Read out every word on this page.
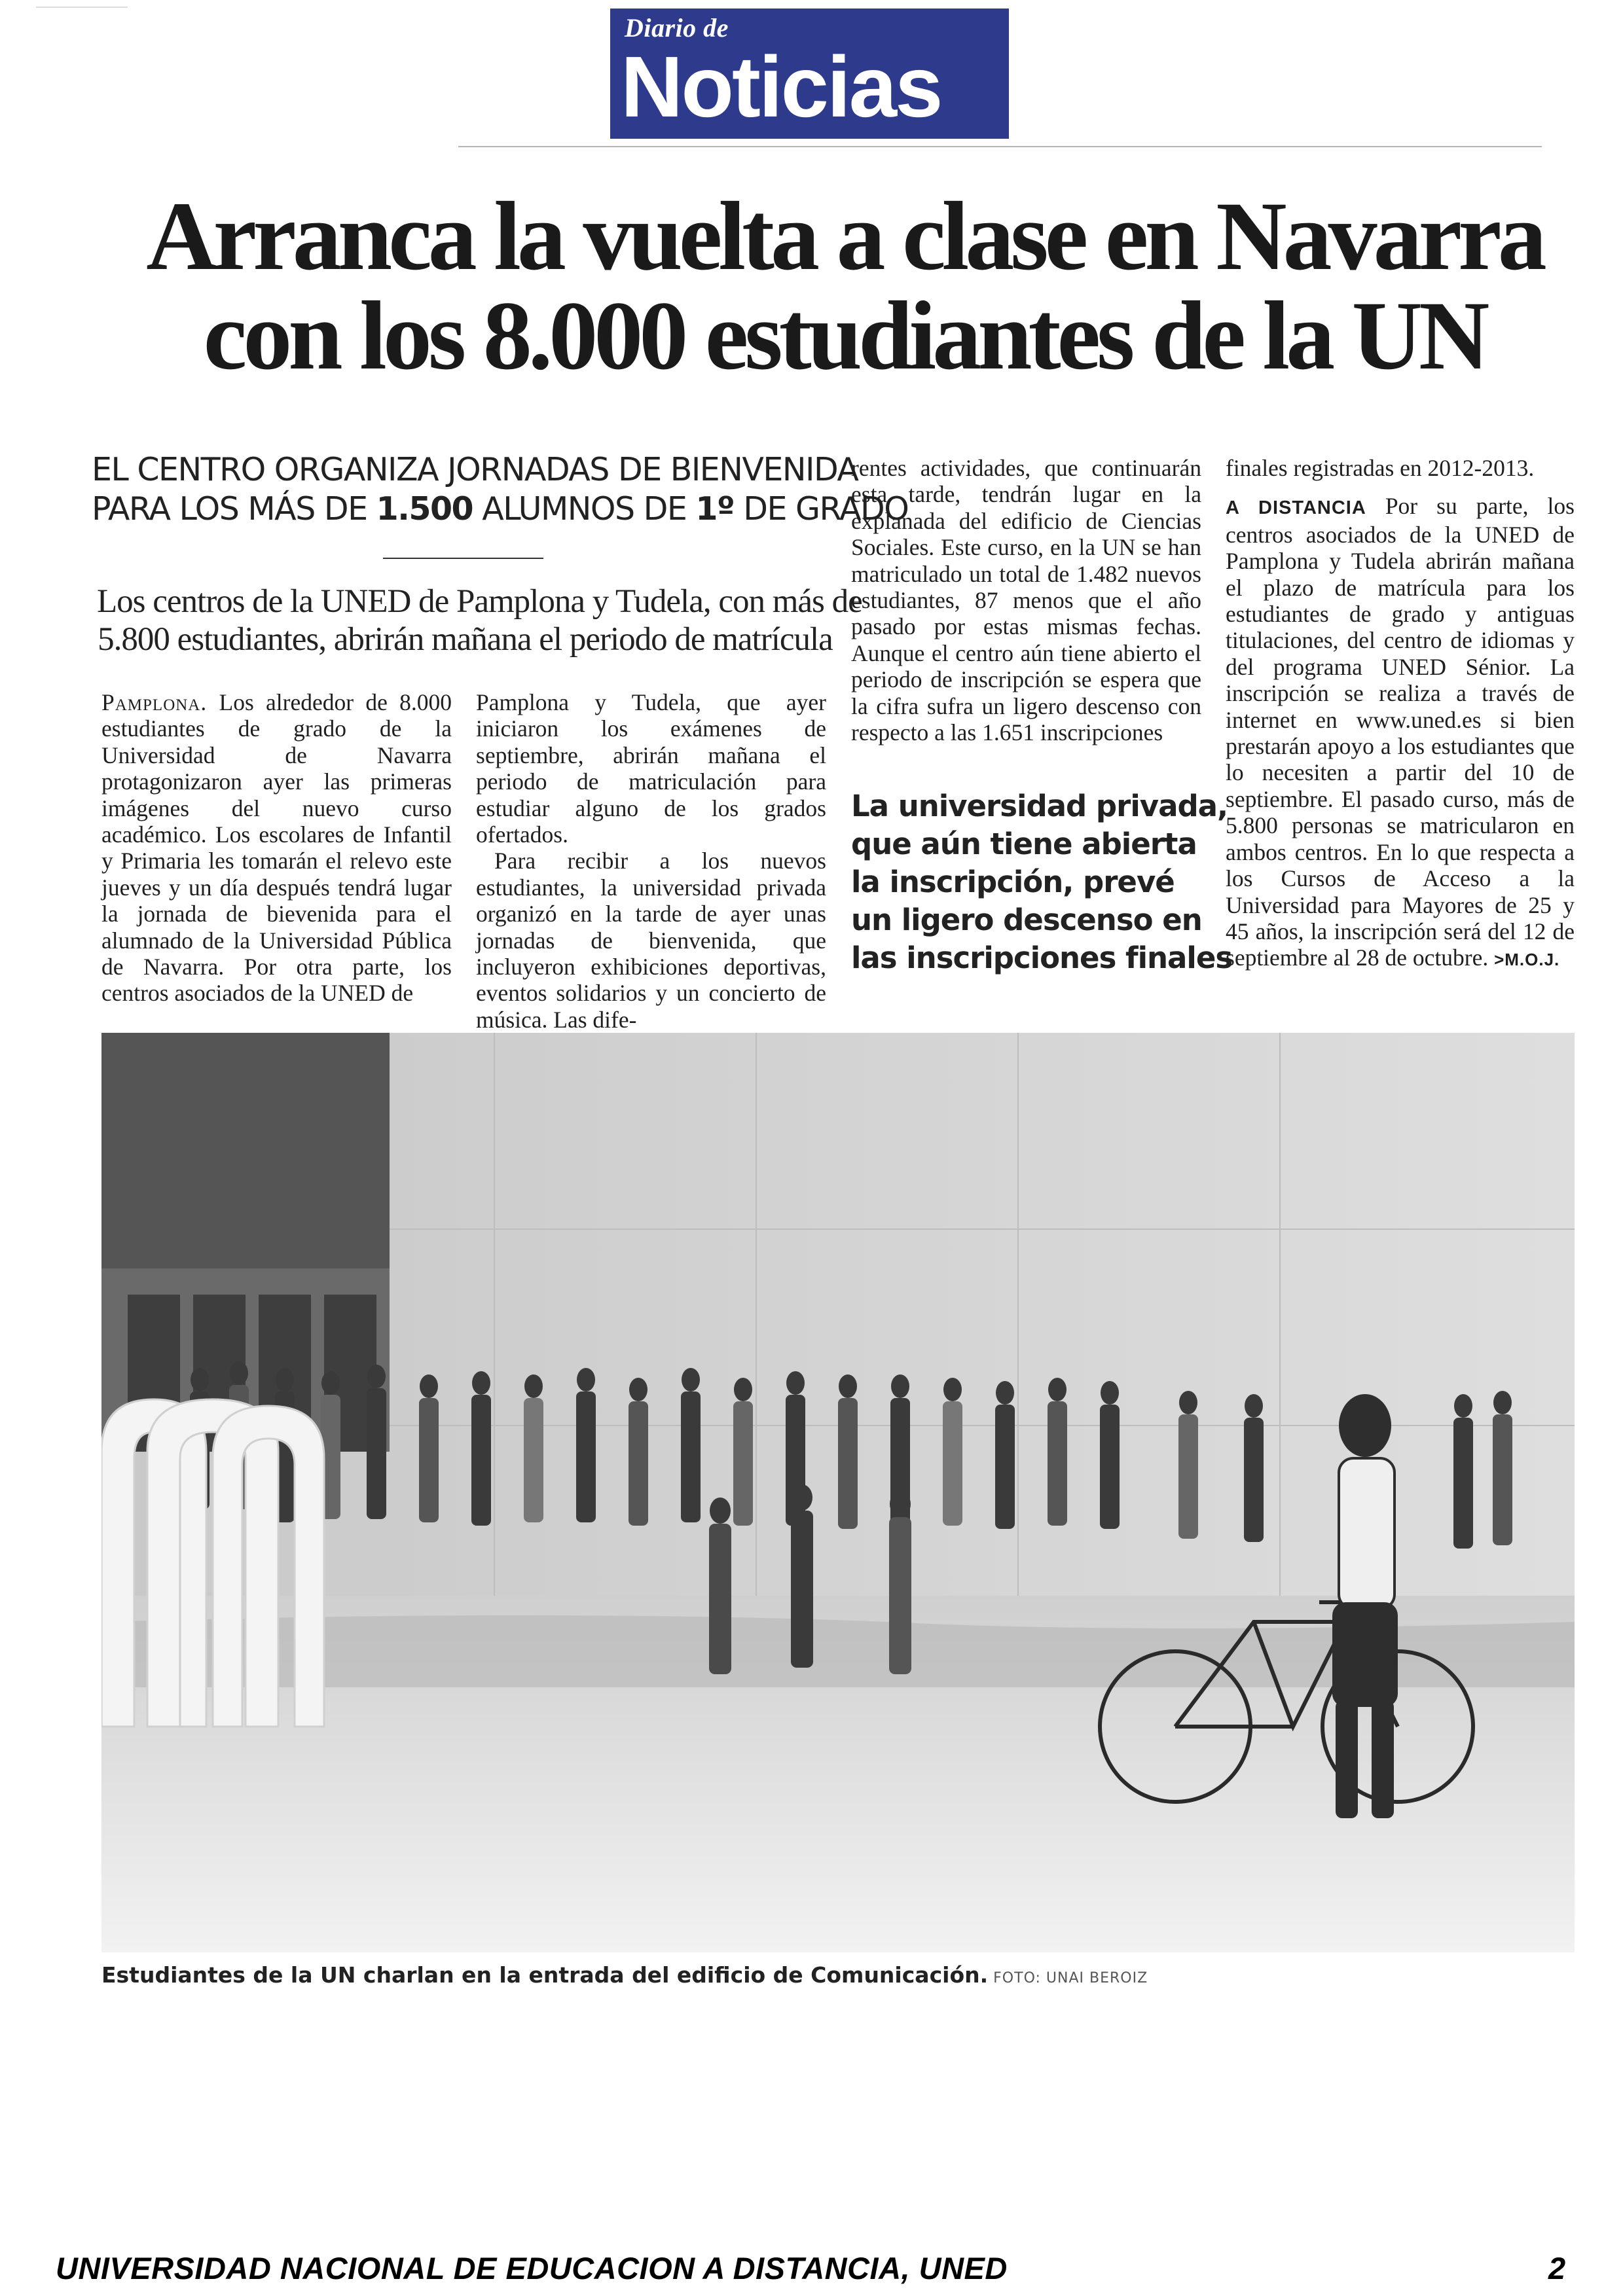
Diario de
Noticias
Arranca la vuelta a clase en Navarra
con los 8.000 estudiantes de la UN
EL CENTRO ORGANIZA JORNADAS DE BIENVENIDA
PARA LOS MÁS DE 1.500 ALUMNOS DE 1º DE GRADO
Los centros de la UNED de Pamplona y Tudela, con más de
5.800 estudiantes, abrirán mañana el periodo de matrícula

Pamplona. Los alrededor de 8.000 estudiantes de grado de la Universidad de Navarra protagonizaron ayer las primeras imágenes del nuevo curso académico. Los escolares de Infantil y Primaria les tomarán el relevo este jueves y un día después tendrá lugar la jornada de bievenida para el alumnado de la Universidad Pública de Navarra. Por otra parte, los centros asociados de la UNED de

Pamplona y Tudela, que ayer iniciaron los exámenes de septiembre, abrirán mañana el periodo de matriculación para estudiar alguno de los grados ofertados.

Para recibir a los nuevos estudiantes, la universidad privada organizó en la tarde de ayer unas jornadas de bienvenida, que incluyeron exhibiciones deportivas, eventos solidarios y un concierto de música. Las dife-

rentes actividades, que continuarán esta tarde, tendrán lugar en la explanada del edificio de Ciencias Sociales. Este curso, en la UN se han matriculado un total de 1.482 nuevos estudiantes, 87 menos que el año pasado por estas mismas fechas. Aunque el centro aún tiene abierto el periodo de inscripción se espera que la cifra sufra un ligero descenso con respecto a las 1.651 inscripciones

La universidad privada,
que aún tiene abierta
la inscripción, prevé
un ligero descenso en
las inscripciones finales

finales registradas en 2012-2013.

A DISTANCIA Por su parte, los centros asociados de la UNED de Pamplona y Tudela abrirán mañana el plazo de matrícula para los estudiantes de grado y antiguas titulaciones, del centro de idiomas y del programa UNED Sénior. La inscripción se realiza a través de internet en www.uned.es si bien prestarán apoyo a los estudiantes que lo necesiten a partir del 10 de septiembre. El pasado curso, más de 5.800 personas se matricularon en ambos centros. En lo que respecta a los Cursos de Acceso a la Universidad para Mayores de 25 y 45 años, la inscripción será del 12 de septiembre al 28 de octubre. >M.O.J.

Estudiantes de la UN charlan en la entrada del edificio de Comunicación. FOTO: UNAI BEROIZ
UNIVERSIDAD NACIONAL DE EDUCACION A DISTANCIA, UNED	2
